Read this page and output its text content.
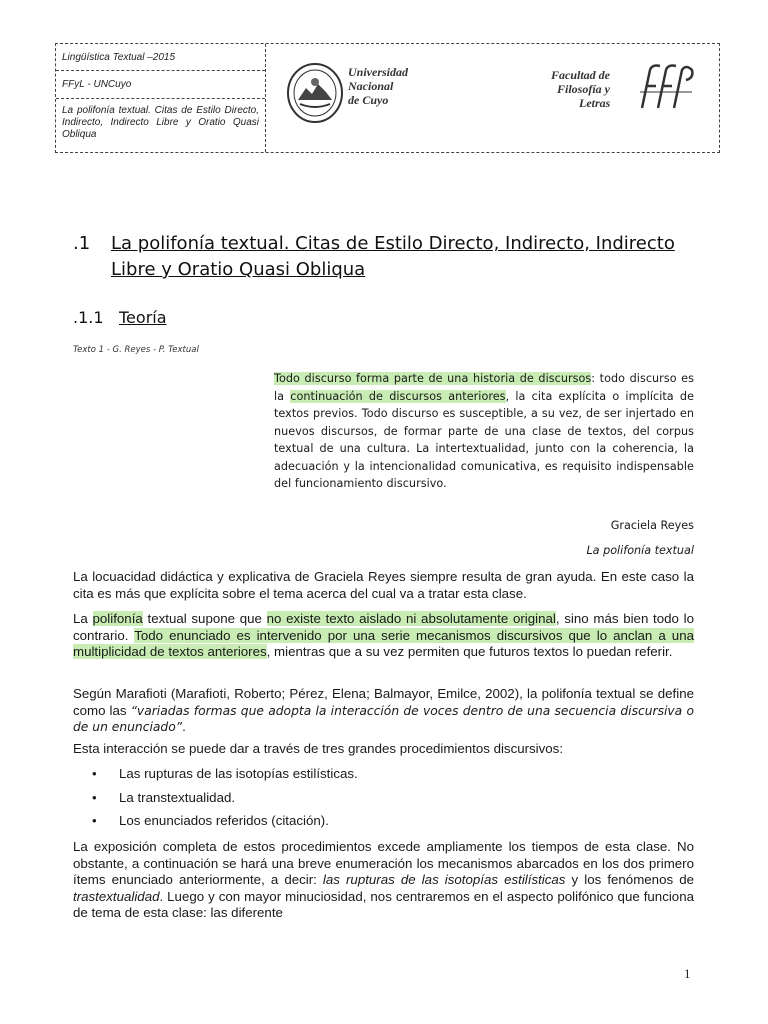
Lingüística Textual –2015
FFyL - UNCuyo
La polifonía textual. Citas de Estilo Directo, Indirecto, Indirecto Libre y Oratio Quasi Obliqua
Universidad
Nacional
de Cuyo
Facultad de
Filosofía y
Letras
.1 La polifonía textual. Citas de Estilo Directo, Indirecto, Indirecto Libre y Oratio Quasi Obliqua
.1.1 Teoría
Texto 1 - G. Reyes - P. Textual
Todo discurso forma parte de una historia de discursos: todo discurso es la continuación de discursos anteriores, la cita explícita o implícita de textos previos. Todo discurso es susceptible, a su vez, de ser injertado en nuevos discursos, de formar parte de una clase de textos, del corpus textual de una cultura. La intertextualidad, junto con la coherencia, la adecuación y la intencionalidad comunicativa, es requisito indispensable del funcionamiento discursivo.
Graciela Reyes
La polifonía textual
La locuacidad didáctica y explicativa de Graciela Reyes siempre resulta de gran ayuda. En este caso la cita es más que explícita sobre el tema acerca del cual va a tratar esta clase.
La polifonía textual supone que no existe texto aislado ni absolutamente original, sino más bien todo lo contrario. Todo enunciado es intervenido por una serie mecanismos discursivos que lo anclan a una multiplicidad de textos anteriores, mientras que a su vez permiten que futuros textos lo puedan referir.
Según Marafioti (Marafioti, Roberto; Pérez, Elena; Balmayor, Emilce, 2002), la polifonía textual se define como las “variadas formas que adopta la interacción de voces dentro de una secuencia discursiva o de un enunciado”.
Esta interacción se puede dar a través de tres grandes procedimientos discursivos:
• Las rupturas de las isotopías estilísticas.
• La transtextualidad.
• Los enunciados referidos (citación).
La exposición completa de estos procedimientos excede ampliamente los tiempos de esta clase. No obstante, a continuación se hará una breve enumeración los mecanismos abarcados en los dos primero ítems enunciado anteriormente, a decir: las rupturas de las isotopías estilísticas y los fenómenos de trastextualidad. Luego y con mayor minuciosidad, nos centraremos en el aspecto polifónico que funciona de tema de esta clase: las diferente
1
